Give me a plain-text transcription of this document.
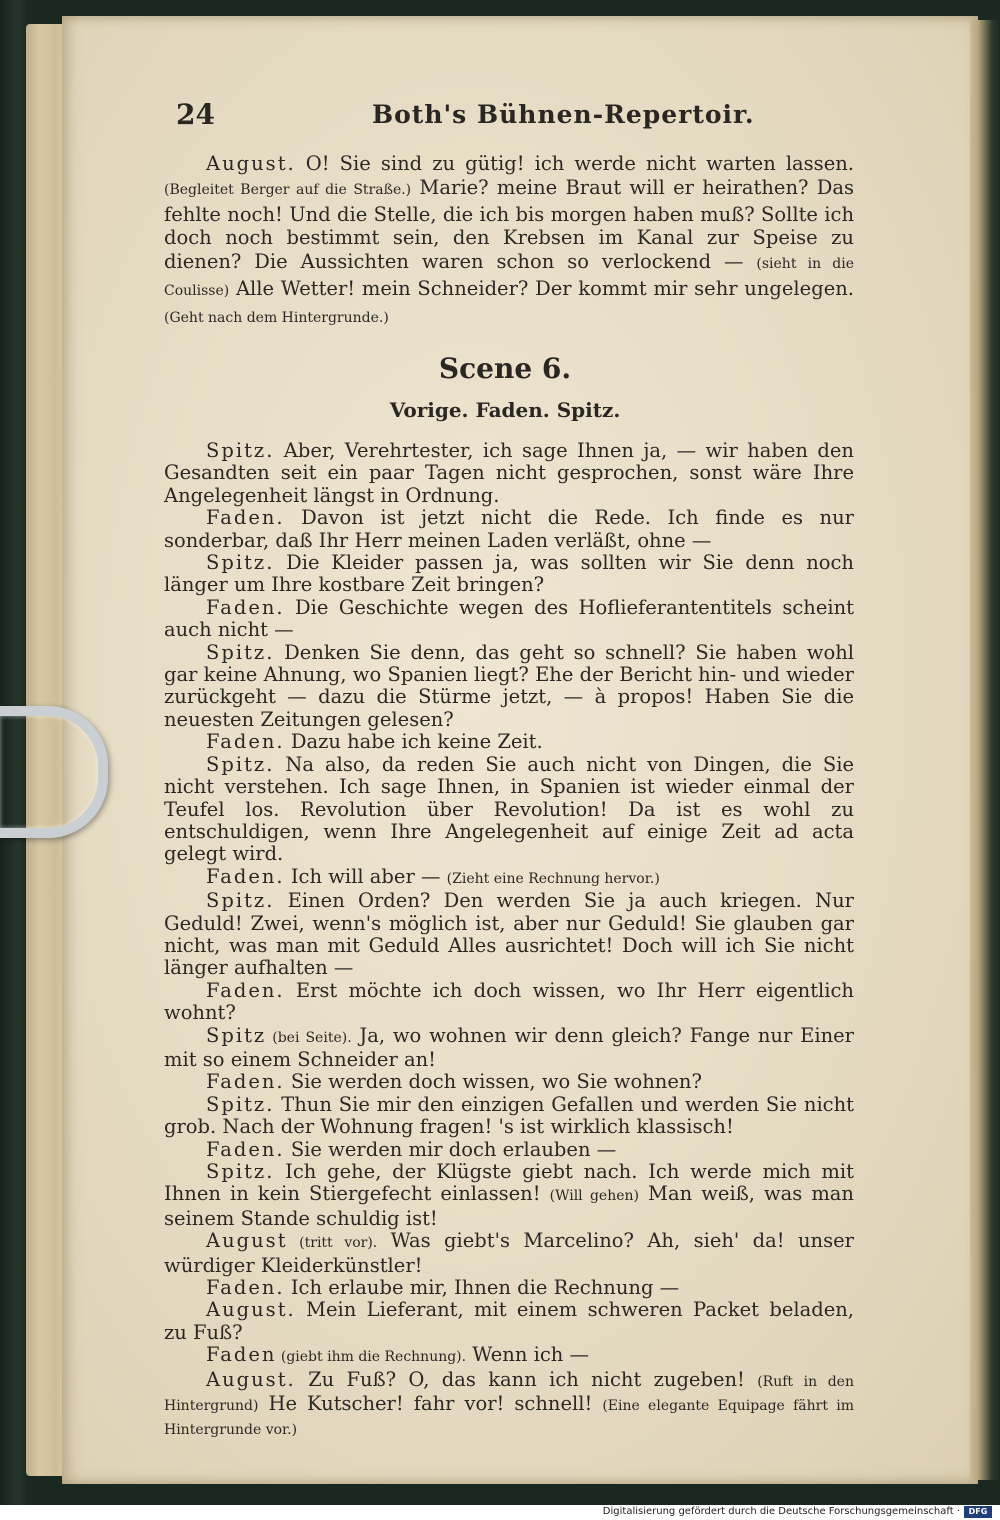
24	Both's Bühnen-Repertoir.

August. O! Sie sind zu gütig! ich werde nicht warten lassen. (Begleitet Berger auf die Straße.) Marie? meine Braut will er heirathen? Das fehlte noch! Und die Stelle, die ich bis morgen haben muß? Sollte ich doch noch bestimmt sein, den Krebsen im Kanal zur Speise zu dienen? Die Aussichten waren schon so verlockend — (sieht in die Coulisse) Alle Wetter! mein Schneider? Der kommt mir sehr ungelegen. (Geht nach dem Hintergrunde.)

Scene 6.
Vorige. Faden. Spitz.

Spitz. Aber, Verehrtester, ich sage Ihnen ja, — wir haben den Gesandten seit ein paar Tagen nicht gesprochen, sonst wäre Ihre Angelegenheit längst in Ordnung.

Faden. Davon ist jetzt nicht die Rede. Ich finde es nur sonderbar, daß Ihr Herr meinen Laden verläßt, ohne —

Spitz. Die Kleider passen ja, was sollten wir Sie denn noch länger um Ihre kostbare Zeit bringen?

Faden. Die Geschichte wegen des Hoflieferantentitels scheint auch nicht —

Spitz. Denken Sie denn, das geht so schnell? Sie haben wohl gar keine Ahnung, wo Spanien liegt? Ehe der Bericht hin- und wieder zurückgeht — dazu die Stürme jetzt, — à propos! Haben Sie die neuesten Zeitungen gelesen?

Faden. Dazu habe ich keine Zeit.

Spitz. Na also, da reden Sie auch nicht von Dingen, die Sie nicht verstehen. Ich sage Ihnen, in Spanien ist wieder einmal der Teufel los. Revolution über Revolution! Da ist es wohl zu entschuldigen, wenn Ihre Angelegenheit auf einige Zeit ad acta gelegt wird.

Faden. Ich will aber — (Zieht eine Rechnung hervor.)

Spitz. Einen Orden? Den werden Sie ja auch kriegen. Nur Geduld! Zwei, wenn's möglich ist, aber nur Geduld! Sie glauben gar nicht, was man mit Geduld Alles ausrichtet! Doch will ich Sie nicht länger aufhalten —

Faden. Erst möchte ich doch wissen, wo Ihr Herr eigentlich wohnt?

Spitz (bei Seite). Ja, wo wohnen wir denn gleich? Fange nur Einer mit so einem Schneider an!

Faden. Sie werden doch wissen, wo Sie wohnen?

Spitz. Thun Sie mir den einzigen Gefallen und werden Sie nicht grob. Nach der Wohnung fragen! 's ist wirklich klassisch!

Faden. Sie werden mir doch erlauben —

Spitz. Ich gehe, der Klügste giebt nach. Ich werde mich mit Ihnen in kein Stiergefecht einlassen! (Will gehen) Man weiß, was man seinem Stande schuldig ist!

August (tritt vor). Was giebt's Marcelino? Ah, sieh' da! unser würdiger Kleiderkünstler!

Faden. Ich erlaube mir, Ihnen die Rechnung —

August. Mein Lieferant, mit einem schweren Packet beladen, zu Fuß?

Faden (giebt ihm die Rechnung). Wenn ich —

August. Zu Fuß? O, das kann ich nicht zugeben! (Ruft in den Hintergrund) He Kutscher! fahr vor! schnell! (Eine elegante Equipage fährt im Hintergrunde vor.)

Digitalisierung gefördert durch die Deutsche Forschungsgemeinschaft ·	DFG
